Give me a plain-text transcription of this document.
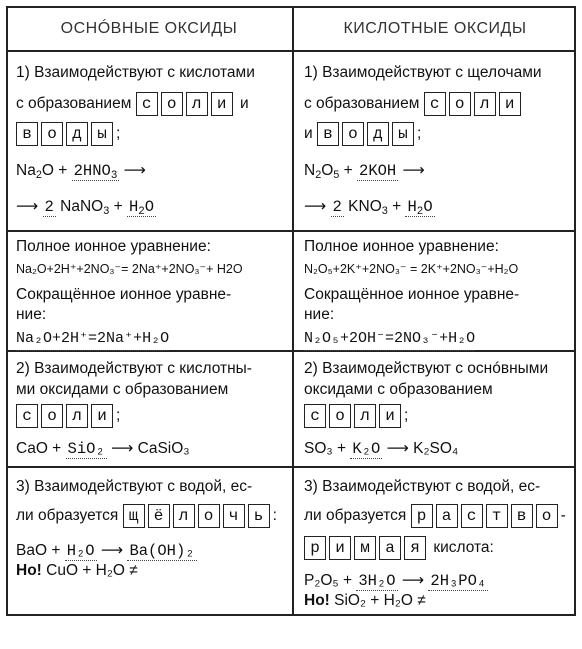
ОСНÓВНЫЕ ОКСИДЫ	КИСЛОТНЫЕ ОКСИДЫ
1) Взаимодействуют с кислотами
с образованием с о л и и
в о д ы ;
$Na_2O + 2HNO_3$ ⟶
⟶ 2 NaNO$_3$ + $H_2O$
1) Взаимодействуют с щелочами
с образованием с о л и
и в о д ы ;
$N_2O_5 + 2KOH$ ⟶
⟶ 2 $KNO_3 + H_2O$
Полное ионное уравнение:
Na₂O+2H⁺+2NO₃⁻= 2Na⁺+2NO₃⁻+ H2O
Сокращённое ионное уравне-
ние:
Na₂O+2H⁺=2Na⁺+H₂O
Полное ионное уравнение:
N₂O₅+2K⁺+2NO₃⁻ = 2K⁺+2NO₃⁻+H₂O
Сокращённое ионное уравне-
ние:
N₂O₅+2OH⁻=2NO₃⁻+H₂O
2) Взаимодействуют с кислотны-
ми оксидами с образованием
с о л и ;
CaO + SiO₂ ⟶ CaSiO₃
2) Взаимодействуют с оснóвными
оксидами с образованием
с о л и ;
SO₃ + K₂O ⟶ K₂SO₄
3) Взаимодействуют с водой, ес-
ли образуется щ ё л о ч ь :
BaO + H₂O ⟶ Ba(OH)₂
Но! CuO + H₂O ≠
3) Взаимодействуют с водой, ес-
ли образуется р а с т в о -
р и м а я кислота:
P₂O₅ + 3H₂O ⟶ 2H₃PO₄
Но! SiO₂ + H₂O ≠
